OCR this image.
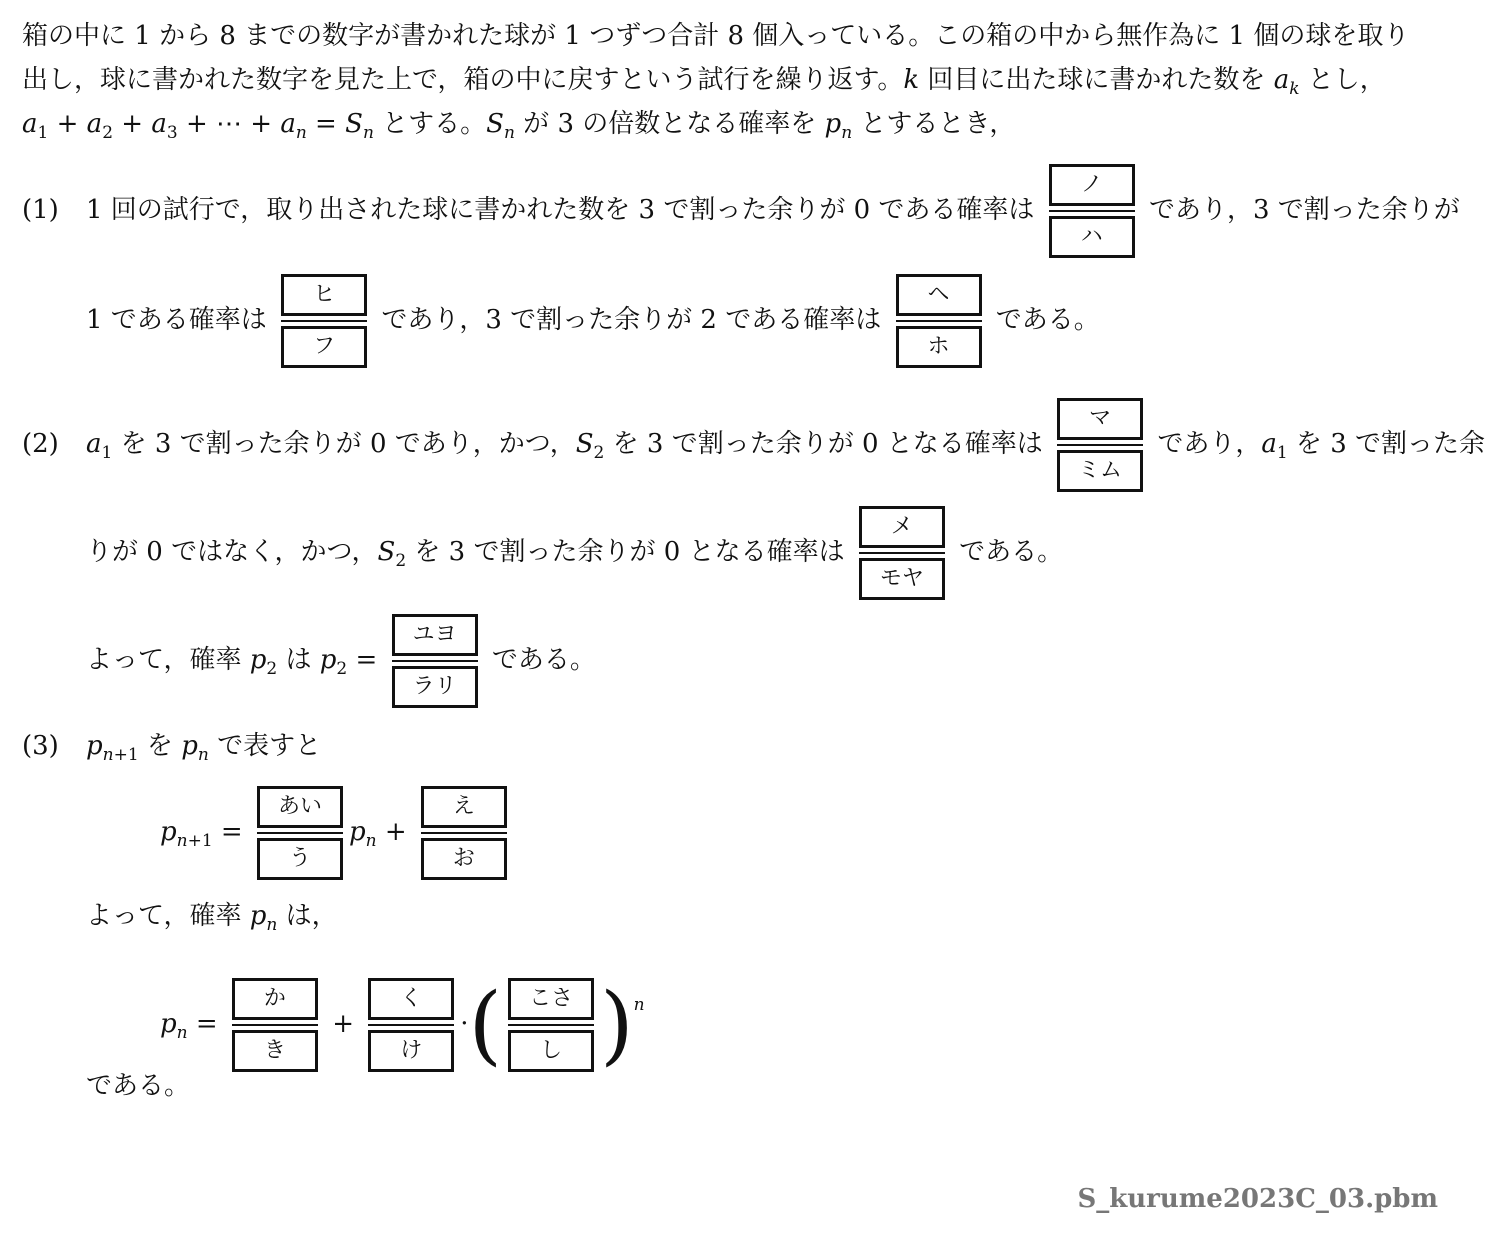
箱の中に 1 から 8 までの数字が書かれた球が 1 つずつ合計 8 個入っている。この箱の中から無作為に 1 個の球を取り
出し，球に書かれた数字を見た上で，箱の中に戻すという試行を繰り返す。k 回目に出た球に書かれた数を $a_k$ とし，
$a_1 + a_2 + a_3$ + ⋯ + $a_n = S_n$ とする。$S_n$ が 3 の倍数となる確率を $p_n$ とするとき，
(1) 1 回の試行で，取り出された球に書かれた数を 3 で割った余りが 0 である確率は $\frac{\text{ノ}}{\text{ハ}}$ であり，3 で割った余りが
1 である確率は $\frac{\text{ヒ}}{\text{フ}}$ であり，3 で割った余りが 2 である確率は $\frac{\text{ヘ}}{\text{ホ}}$ である。
(2) $a_1$ を 3 で割った余りが 0 であり，かつ，$S_2$ を 3 で割った余りが 0 となる確率は $\frac{\text{マ}}{\text{ミム}}$ であり，$a_1$ を 3 で割った余
りが 0 ではなく，かつ，$S_2$ を 3 で割った余りが 0 となる確率は $\frac{\text{メ}}{\text{モヤ}}$ である。
よって，確率 $p_2$ は $p_2 = \frac{\text{ユヨ}}{\text{ラリ}}$ である。
(3) $p_{n+1}$ を $p_n$ で表すと
$p_{n+1} = \frac{\text{あい}}{\text{う}} p_n + \frac{\text{え}}{\text{お}}$
よって，確率 $p_n$ は，
$p_n = \frac{\text{か}}{\text{き}} + \frac{\text{く}}{\text{け}}$ ·( $\frac{\text{こさ}}{\text{し}} )^n$
である。
S_kurume2023C_03.pbm
